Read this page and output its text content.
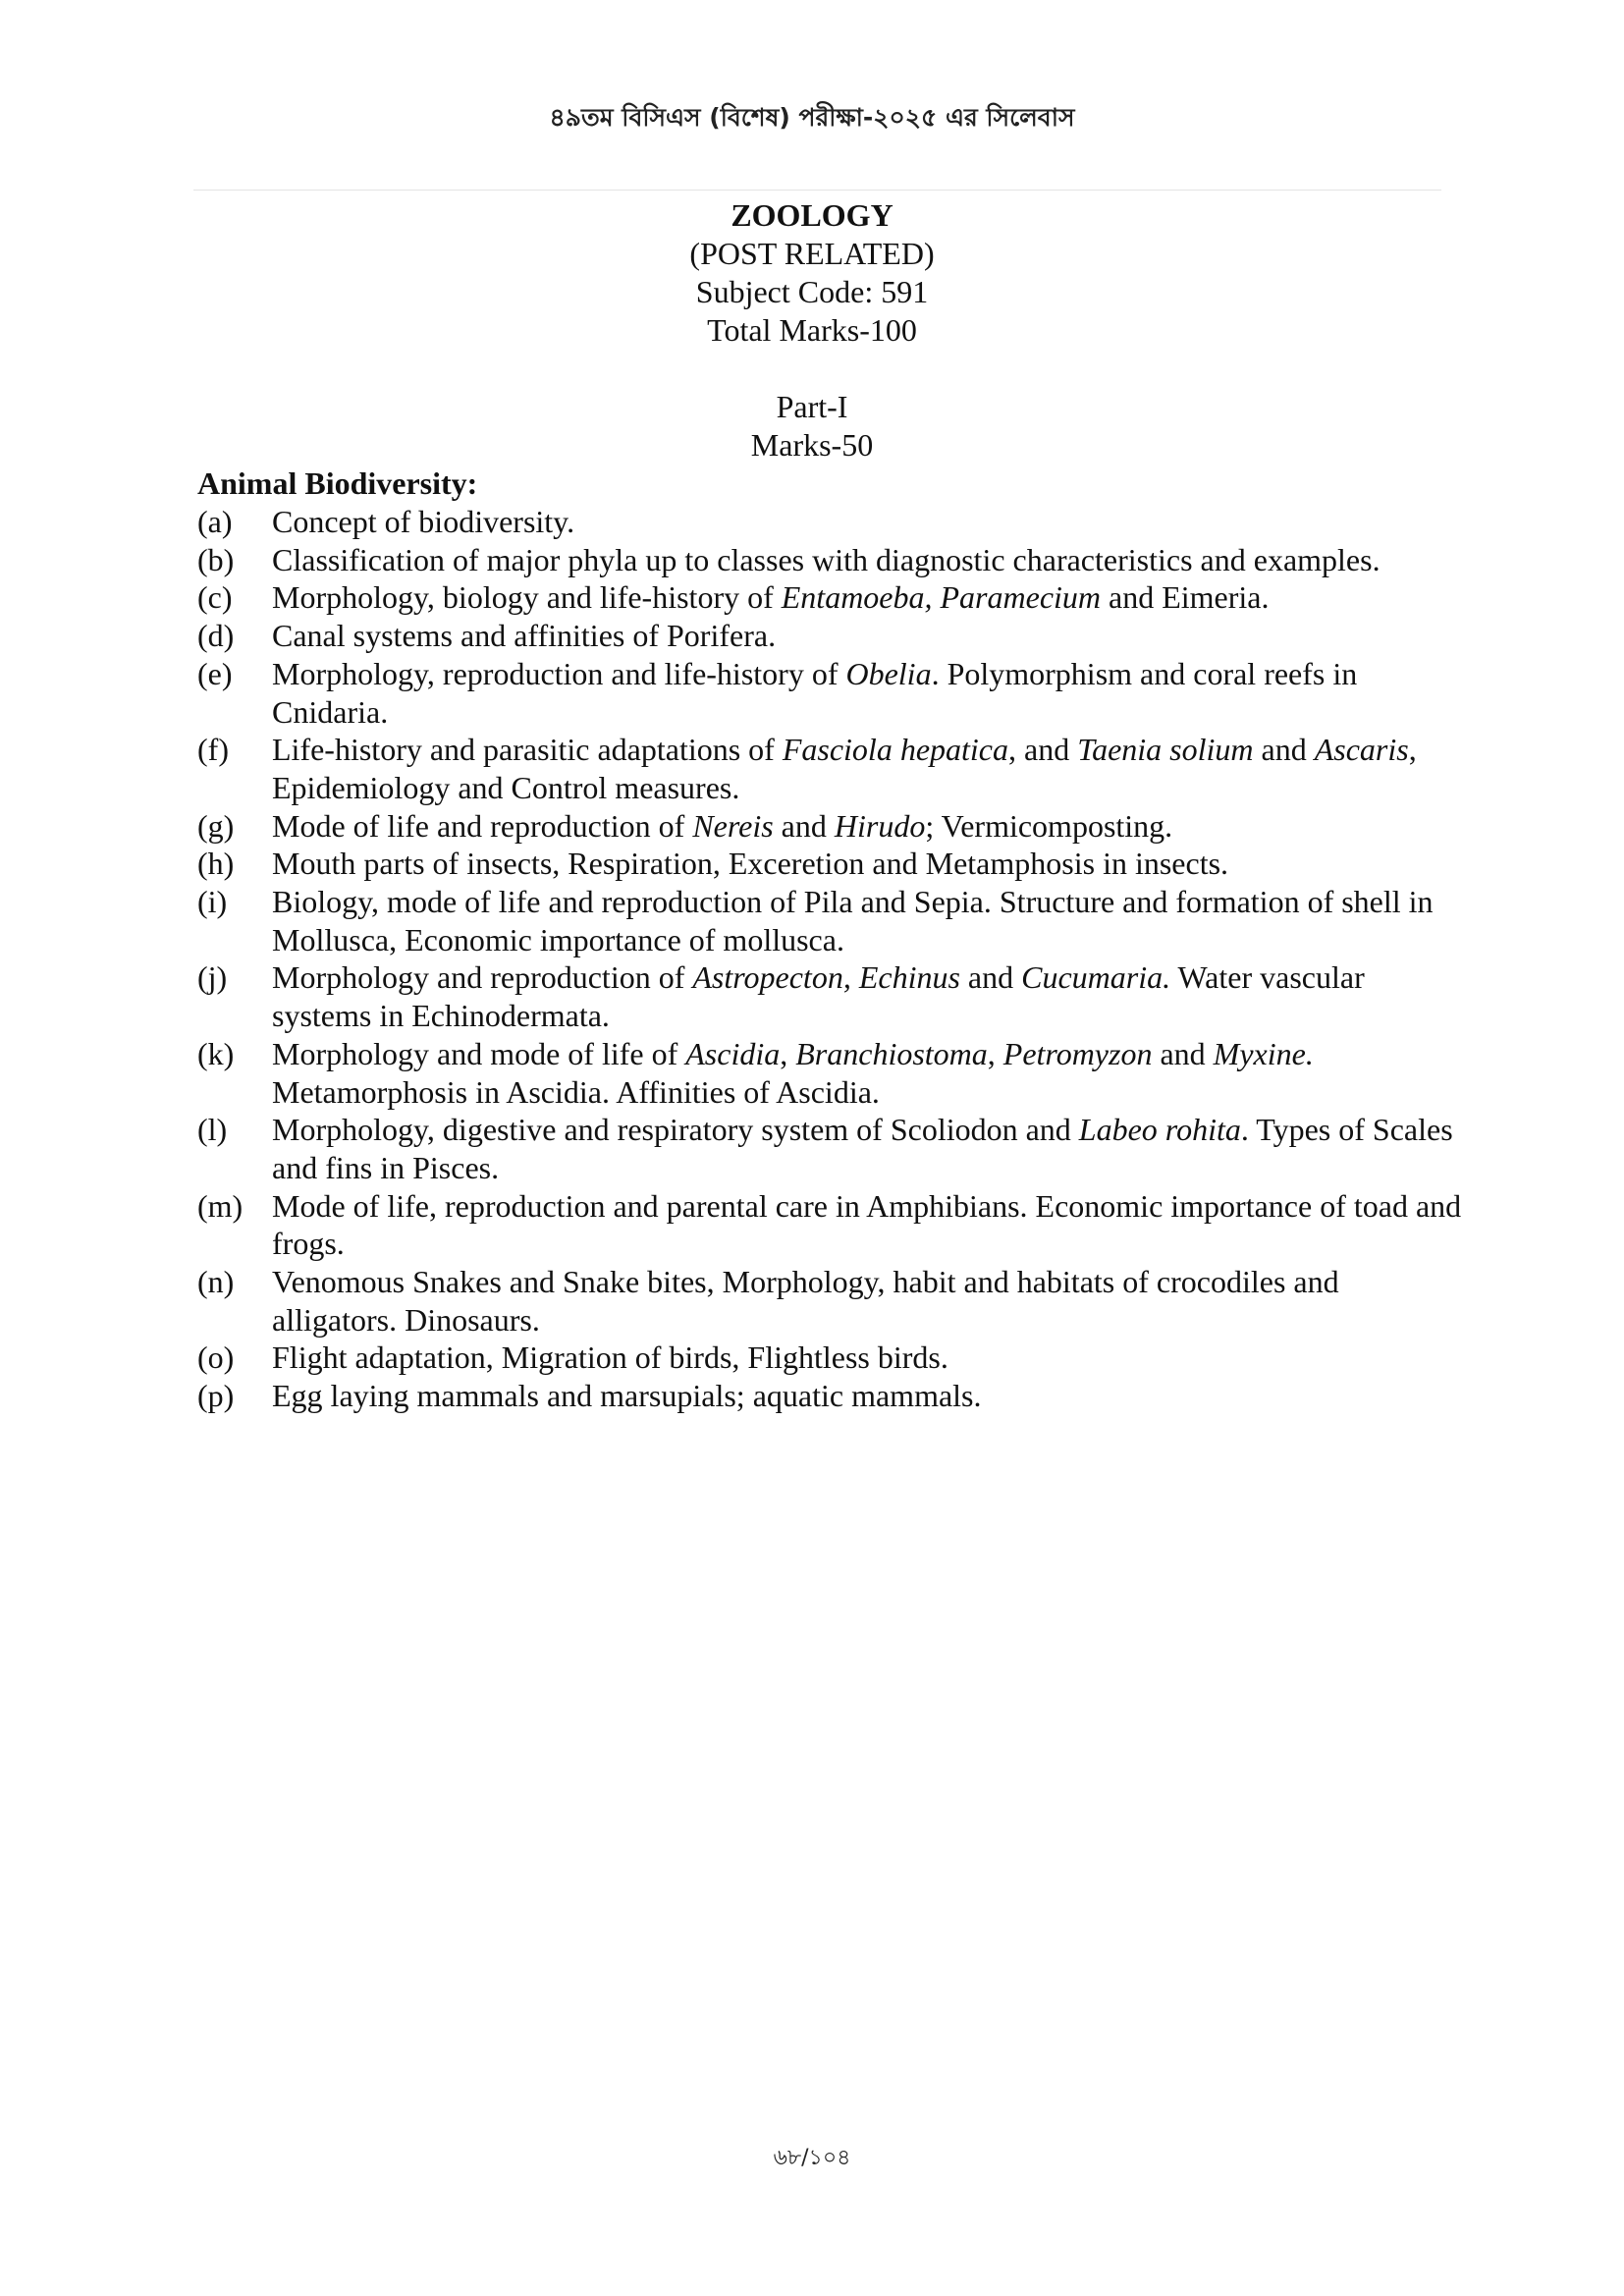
৪৯তম বিসিএস (বিশেষ) পরীক্ষা-২০২৫ এর সিলেবাস
ZOOLOGY
(POST RELATED)
Subject Code: 591
Total Marks-100
Part-I
Marks-50
Animal Biodiversity:
(a)	Concept of biodiversity.
(b)	Classification of major phyla up to classes with diagnostic characteristics and examples.
(c)	Morphology, biology and life-history of Entamoeba, Paramecium and Eimeria.
(d)	Canal systems and affinities of Porifera.
(e)	Morphology, reproduction and life-history of Obelia. Polymorphism and coral reefs in Cnidaria.
(f)	Life-history and parasitic adaptations of Fasciola hepatica, and Taenia solium and Ascaris, Epidemiology and Control measures.
(g)	Mode of life and reproduction of Nereis and Hirudo; Vermicomposting.
(h)	Mouth parts of insects, Respiration, Exceretion and Metamphosis in insects.
(i)	Biology, mode of life and reproduction of Pila and Sepia. Structure and formation of shell in Mollusca, Economic importance of mollusca.
(j)	Morphology and reproduction of Astropecton, Echinus and Cucumaria. Water vascular systems in Echinodermata.
(k)	Morphology and mode of life of Ascidia, Branchiostoma, Petromyzon and Myxine. Metamorphosis in Ascidia. Affinities of Ascidia.
(l)	Morphology, digestive and respiratory system of Scoliodon and Labeo rohita. Types of Scales and fins in Pisces.
(m) Mode of life, reproduction and parental care in Amphibians. Economic importance of toad and frogs.
(n)	Venomous Snakes and Snake bites, Morphology, habit and habitats of crocodiles and alligators. Dinosaurs.
(o)	Flight adaptation, Migration of birds, Flightless birds.
(p)	Egg laying mammals and marsupials; aquatic mammals.
৬৮/১০৪
